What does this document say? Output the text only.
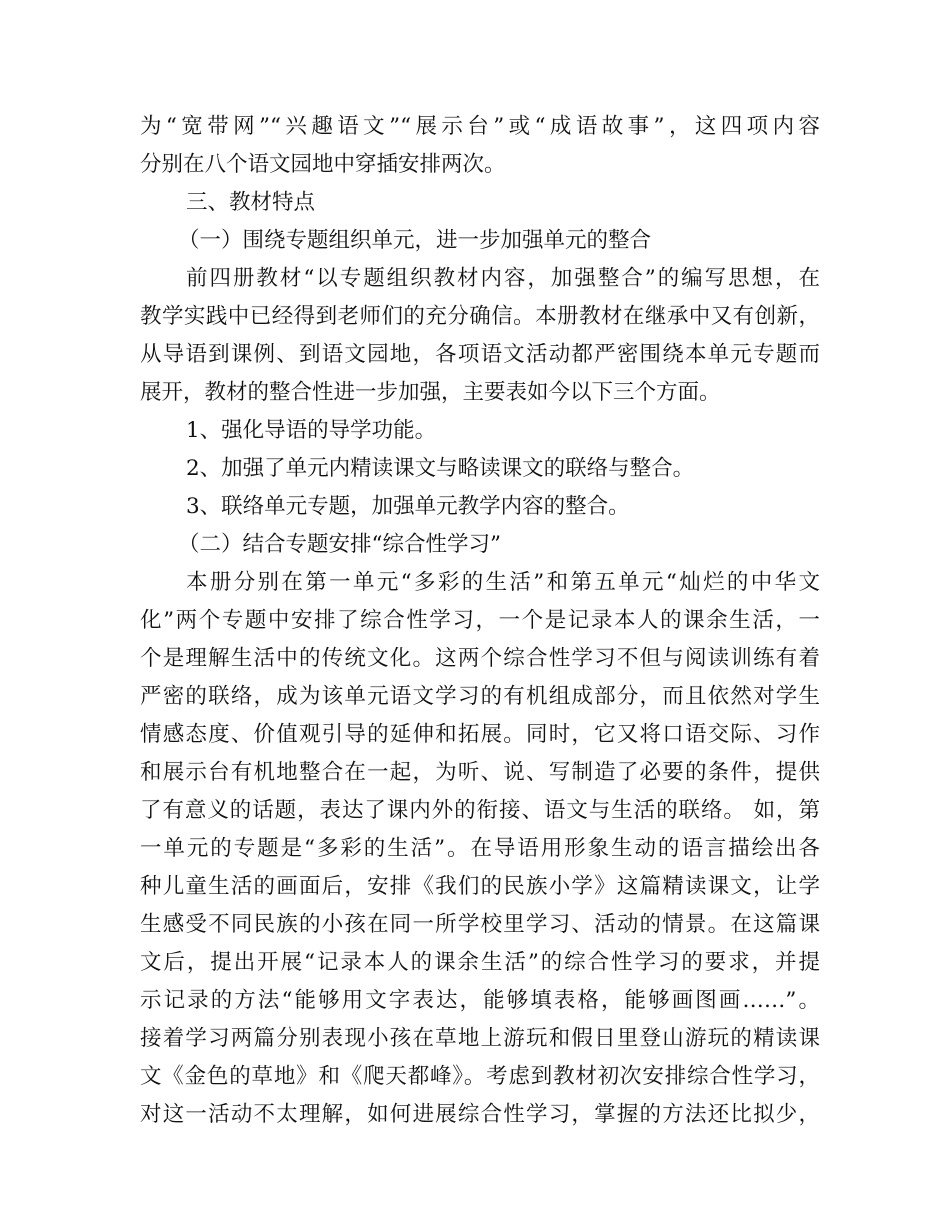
为“宽带网”“兴趣语文”“展示台”或“成语故事”，这四项内容
分别在八个语文园地中穿插安排两次。
三、教材特点
（一）围绕专题组织单元，进一步加强单元的整合
前四册教材“以专题组织教材内容，加强整合”的编写思想，在
教学实践中已经得到老师们的充分确信。本册教材在继承中又有创新，
从导语到课例、到语文园地，各项语文活动都严密围绕本单元专题而
展开，教材的整合性进一步加强，主要表如今以下三个方面。
1、强化导语的导学功能。
2、加强了单元内精读课文与略读课文的联络与整合。
3、联络单元专题，加强单元教学内容的整合。
（二）结合专题安排“综合性学习”
本册分别在第一单元“多彩的生活”和第五单元“灿烂的中华文
化”两个专题中安排了综合性学习，一个是记录本人的课余生活，一
个是理解生活中的传统文化。这两个综合性学习不但与阅读训练有着
严密的联络，成为该单元语文学习的有机组成部分，而且依然对学生
情感态度、价值观引导的延伸和拓展。同时，它又将口语交际、习作
和展示台有机地整合在一起，为听、说、写制造了必要的条件，提供
了有意义的话题，表达了课内外的衔接、语文与生活的联络。 如，第
一单元的专题是“多彩的生活”。在导语用形象生动的语言描绘出各
种儿童生活的画面后，安排《我们的民族小学》这篇精读课文，让学
生感受不同民族的小孩在同一所学校里学习、活动的情景。在这篇课
文后，提出开展“记录本人的课余生活”的综合性学习的要求，并提
示记录的方法“能够用文字表达，能够填表格，能够画图画……”。
接着学习两篇分别表现小孩在草地上游玩和假日里登山游玩的精读课
文《金色的草地》和《爬天都峰》。考虑到教材初次安排综合性学习，
对这一活动不太理解，如何进展综合性学习，掌握的方法还比拟少，
